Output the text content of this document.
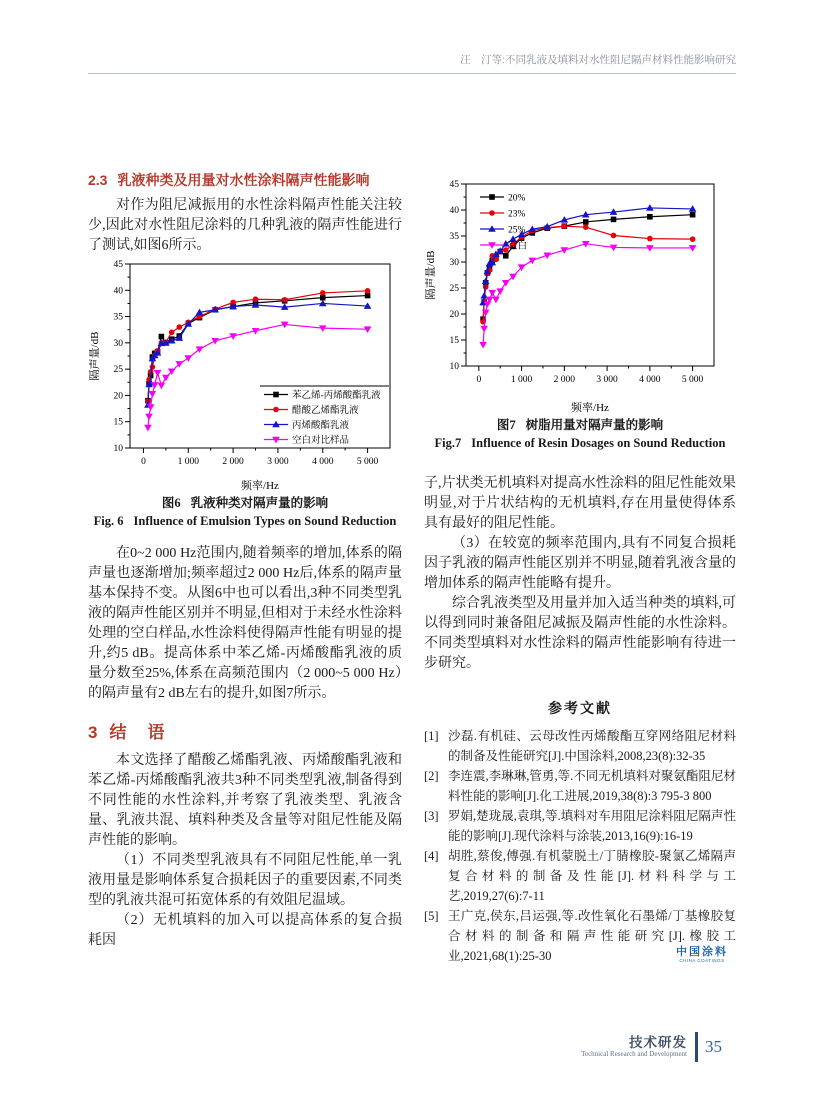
汪　汀等:不同乳液及填料对水性阻尼隔声材料性能影响研究
2.3 乳液种类及用量对水性涂料隔声性能影响

对作为阻尼减振用的水性涂料隔声性能关注较少,因此对水性阻尼涂料的几种乳液的隔声性能进行了测试,如图6所示。

10
15
20
25
30
35
40
45
0	1 000 2 000 3 000 4 000 5 000
频率/Hz
隔声量/dB
苯乙烯-丙烯酸酯乳液
醋酸乙烯酯乳液
丙烯酸酯乳液
空白对比样品

图6 乳液种类对隔声量的影响

Fig. 6 Influence of Emulsion Types on Sound Reduction

在0~2 000 Hz范围内,随着频率的增加,体系的隔声量也逐渐增加;频率超过2 000 Hz后,体系的隔声量基本保持不变。从图6中也可以看出,3种不同类型乳液的隔声性能区别并不明显,但相对于未经水性涂料处理的空白样品,水性涂料使得隔声性能有明显的提升,约5 dB。提高体系中苯乙烯-丙烯酸酯乳液的质量分数至25%,体系在高频范围内（2 000~5 000 Hz）的隔声量有2 dB左右的提升,如图7所示。

3 结　语

本文选择了醋酸乙烯酯乳液、丙烯酸酯乳液和苯乙烯-丙烯酸酯乳液共3种不同类型乳液,制备得到不同性能的水性涂料,并考察了乳液类型、乳液含量、乳液共混、填料种类及含量等对阻尼性能及隔声性能的影响。

（1）不同类型乳液具有不同阻尼性能,单一乳液用量是影响体系复合损耗因子的重要因素,不同类型的乳液共混可拓宽体系的有效阻尼温域。

（2）无机填料的加入可以提高体系的复合损耗因

10
15
20
25
30
35
40
45
0	1 000 2 000 3 000 4 000 5 000
频率/Hz
隔声量/dB
20%
23%
25%
空白

图7 树脂用量对隔声量的影响

Fig.7 Influence of Resin Dosages on Sound Reduction

子,片状类无机填料对提高水性涂料的阻尼性能效果明显,对于片状结构的无机填料,存在用量使得体系具有最好的阻尼性能。

（3）在较宽的频率范围内,具有不同复合损耗因子乳液的隔声性能区别并不明显,随着乳液含量的增加体系的隔声性能略有提升。

综合乳液类型及用量并加入适当种类的填料,可以得到同时兼备阻尼减振及隔声性能的水性涂料。不同类型填料对水性涂料的隔声性能影响有待进一步研究。

参考文献

[1] 沙磊.有机硅、云母改性丙烯酸酯互穿网络阻尼材料的制备及性能研究[J].中国涂料,2008,23(8):32-35

[2] 李连震,李琳琳,管勇,等.不同无机填料对聚氨酯阻尼材料性能的影响[J].化工进展,2019,38(8):3 795-3 800

[3] 罗娟,楚珑晟,袁琪,等.填料对车用阻尼涂料阻尼隔声性能的影响[J].现代涂料与涂装,2013,16(9):16-19

[4] 胡胜,蔡俊,傅强.有机蒙脱土/丁腈橡胶-聚氯乙烯隔声复合材料的制备及性能[J].材料科学与工艺,2019,27(6):7-11

[5] 王广克,侯东,吕运强,等.改性氧化石墨烯/丁基橡胶复合材料的制备和隔声性能研究[J].橡胶工业,2021,68(1):25-30	中国涂料
CHINA COATINGS
技术研发
Technical Research and Development 35
